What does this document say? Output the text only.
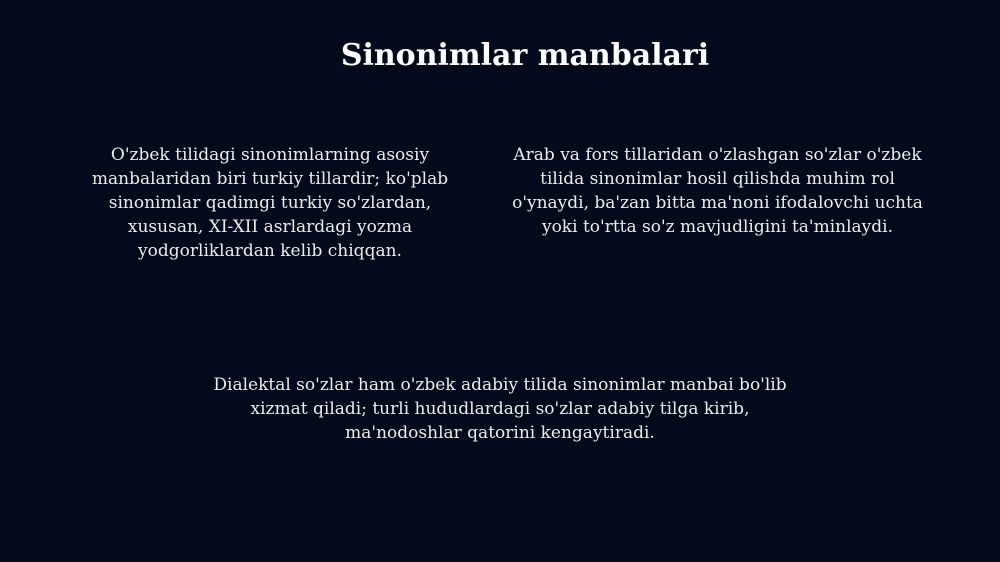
Sinonimlar manbalari
O'zbek tilidagi sinonimlarning asosiy manbalaridan biri turkiy tillardir; ko'plab sinonimlar qadimgi turkiy so'zlardan, xususan, XI-XII asrlardagi yozma yodgorliklardan kelib chiqqan.
Arab va fors tillaridan o'zlashgan so'zlar o'zbek tilida sinonimlar hosil qilishda muhim rol o'ynaydi, ba'zan bitta ma'noni ifodalovchi uchta yoki to'rtta so'z mavjudligini ta'minlaydi.
Dialektal so'zlar ham o'zbek adabiy tilida sinonimlar manbai bo'lib xizmat qiladi; turli hududlardagi so'zlar adabiy tilga kirib, ma'nodoshlar qatorini kengaytiradi.
